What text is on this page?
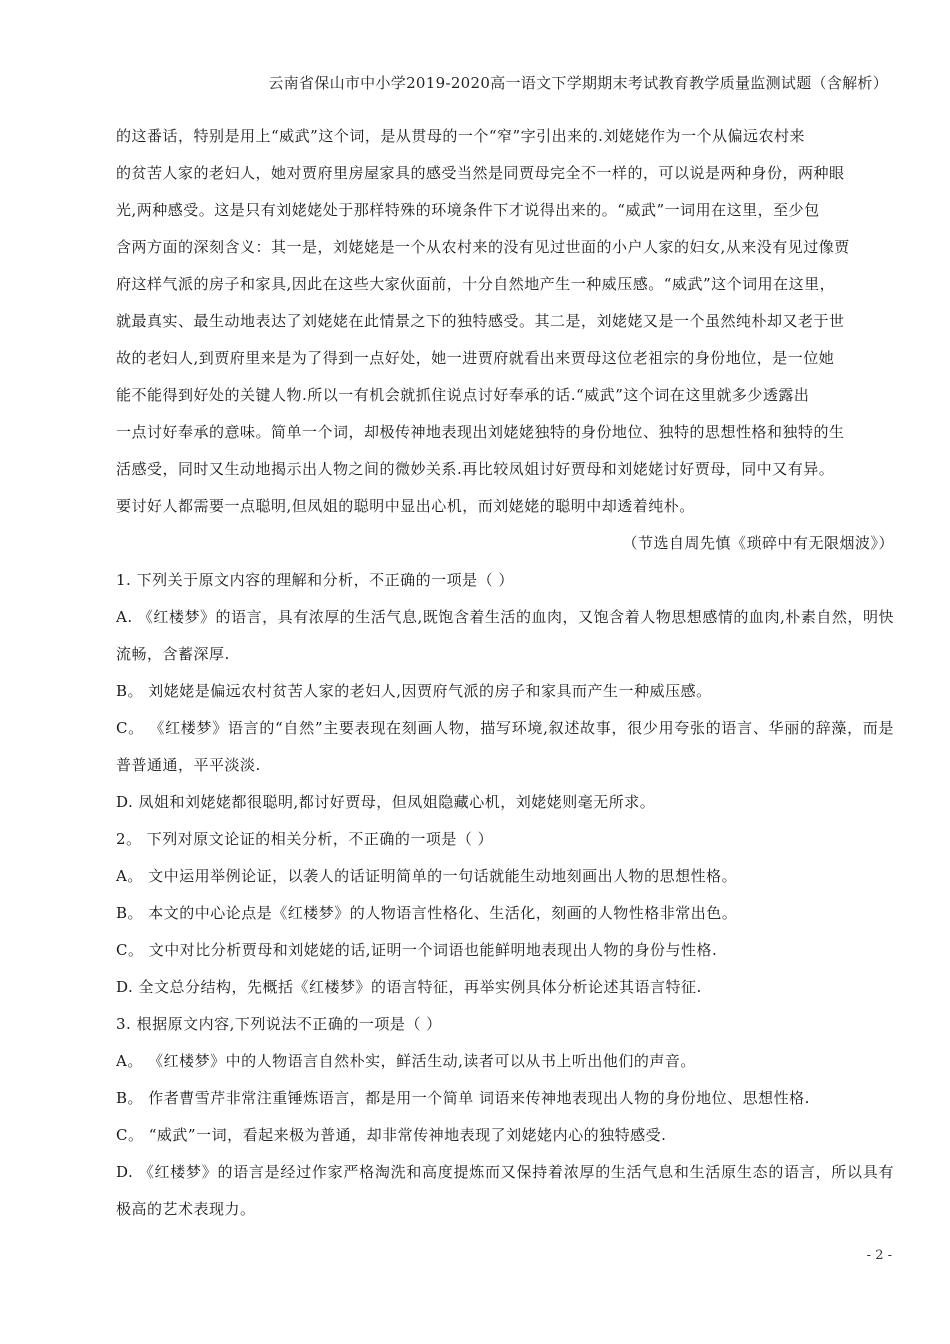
云南省保山市中小学2019-2020高一语文下学期期末考试教育教学质量监测试题（含解析）

的这番话，特别是用上“威武”这个词，是从贯母的一个“窄”字引出来的.刘姥姥作为一个从偏远农村来

的贫苦人家的老妇人，她对贾府里房屋家具的感受当然是同贾母完全不一样的，可以说是两种身份，两种眼

光,两种感受。这是只有刘姥姥处于那样特殊的环境条件下才说得出来的。“威武”一词用在这里，至少包

含两方面的深刻含义：其一是，刘姥姥是一个从农村来的没有见过世面的小户人家的妇女,从来没有见过像贾

府这样气派的房子和家具,因此在这些大家伙面前，十分自然地产生一种威压感。“威武”这个词用在这里，

就最真实、最生动地表达了刘姥姥在此情景之下的独特感受。其二是，刘姥姥又是一个虽然纯朴却又老于世

故的老妇人,到贾府里来是为了得到一点好处，她一进贾府就看出来贾母这位老祖宗的身份地位，是一位她

能不能得到好处的关键人物.所以一有机会就抓住说点讨好奉承的话.“威武”这个词在这里就多少透露出

一点讨好奉承的意味。简单一个词，却极传神地表现出刘姥姥独特的身份地位、独特的思想性格和独特的生

活感受，同时又生动地揭示出人物之间的微妙关系.再比较凤姐讨好贾母和刘姥姥讨好贾母，同中又有异。

要讨好人都需要一点聪明,但凤姐的聪明中显出心机，而刘姥姥的聪明中却透着纯朴。

（节选自周先慎《琐碎中有无限烟波》）

1. 下列关于原文内容的理解和分析，不正确的一项是（ ）

A. 《红楼梦》的语言，具有浓厚的生活气息,既饱含着生活的血肉，又饱含着人物思想感情的血肉,朴素自然，明快流畅，含蓄深厚.

B。 刘姥姥是偏远农村贫苦人家的老妇人,因贾府气派的房子和家具而产生一种威压感。

C。 《红楼梦》语言的“自然”主要表现在刻画人物，描写环境,叙述故事，很少用夸张的语言、华丽的辞藻，而是普普通通，平平淡淡.

D. 凤姐和刘姥姥都很聪明,都讨好贾母，但凤姐隐藏心机，刘姥姥则毫无所求。

2。 下列对原文论证的相关分析，不正确的一项是（ ）

A。 文中运用举例论证，以袭人的话证明简单的一句话就能生动地刻画出人物的思想性格。

B。 本文的中心论点是《红楼梦》的人物语言性格化、生活化，刻画的人物性格非常出色。

C。 文中对比分析贾母和刘姥姥的话,证明一个词语也能鲜明地表现出人物的身份与性格.

D. 全文总分结构，先概括《红楼梦》的语言特征，再举实例具体分析论述其语言特征.

3. 根据原文内容,下列说法不正确的一项是（ ）

A。 《红楼梦》中的人物语言自然朴实，鲜活生动,读者可以从书上听出他们的声音。

B。 作者曹雪芹非常注重锤炼语言，都是用一个简单 词语来传神地表现出人物的身份地位、思想性格.

C。 “威武”一词，看起来极为普通，却非常传神地表现了刘姥姥内心的独特感受.

D. 《红楼梦》的语言是经过作家严格淘洗和高度提炼而又保持着浓厚的生活气息和生活原生态的语言，所以具有极高的艺术表现力。

- 2 -
